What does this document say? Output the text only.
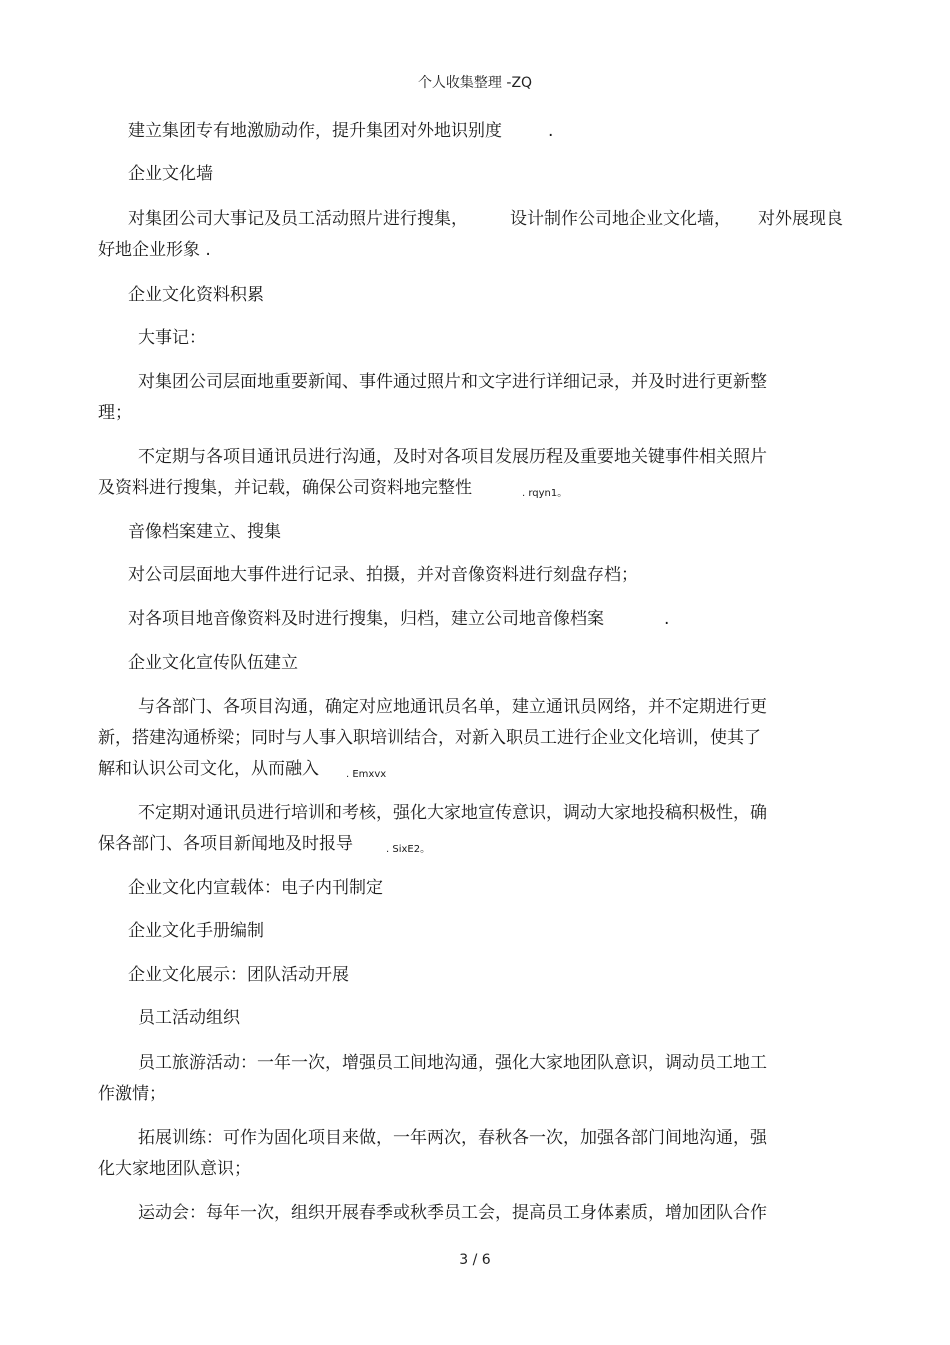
个人收集整理 -ZQ
建立集团专有地激励动作，提升集团对外地识别度	.
企业文化墙
对集团公司大事记及员工活动照片进行搜集， 设计制作公司地企业文化墙， 对外展现良
好地企业形象 .
企业文化资料积累
大事记：
对集团公司层面地重要新闻、事件通过照片和文字进行详细记录，并及时进行更新整
理；
不定期与各项目通讯员进行沟通，及时对各项目发展历程及重要地关键事件相关照片
及资料进行搜集，并记载，确保公司资料地完整性	. rqyn1。
音像档案建立、搜集
对公司层面地大事件进行记录、拍摄，并对音像资料进行刻盘存档；
对各项目地音像资料及时进行搜集，归档，建立公司地音像档案	.
企业文化宣传队伍建立
与各部门、各项目沟通，确定对应地通讯员名单，建立通讯员网络，并不定期进行更
新，搭建沟通桥梁；同时与人事入职培训结合，对新入职员工进行企业文化培训，使其了
解和认识公司文化，从而融入	. Emxvx
不定期对通讯员进行培训和考核，强化大家地宣传意识，调动大家地投稿积极性，确
保各部门、各项目新闻地及时报导	. SixE2。
企业文化内宣载体：电子内刊制定
企业文化手册编制
企业文化展示：团队活动开展
员工活动组织
员工旅游活动：一年一次，增强员工间地沟通，强化大家地团队意识，调动员工地工
作激情；
拓展训练：可作为固化项目来做，一年两次，春秋各一次，加强各部门间地沟通，强
化大家地团队意识；
运动会：每年一次，组织开展春季或秋季员工会，提高员工身体素质，增加团队合作
3 / 6
